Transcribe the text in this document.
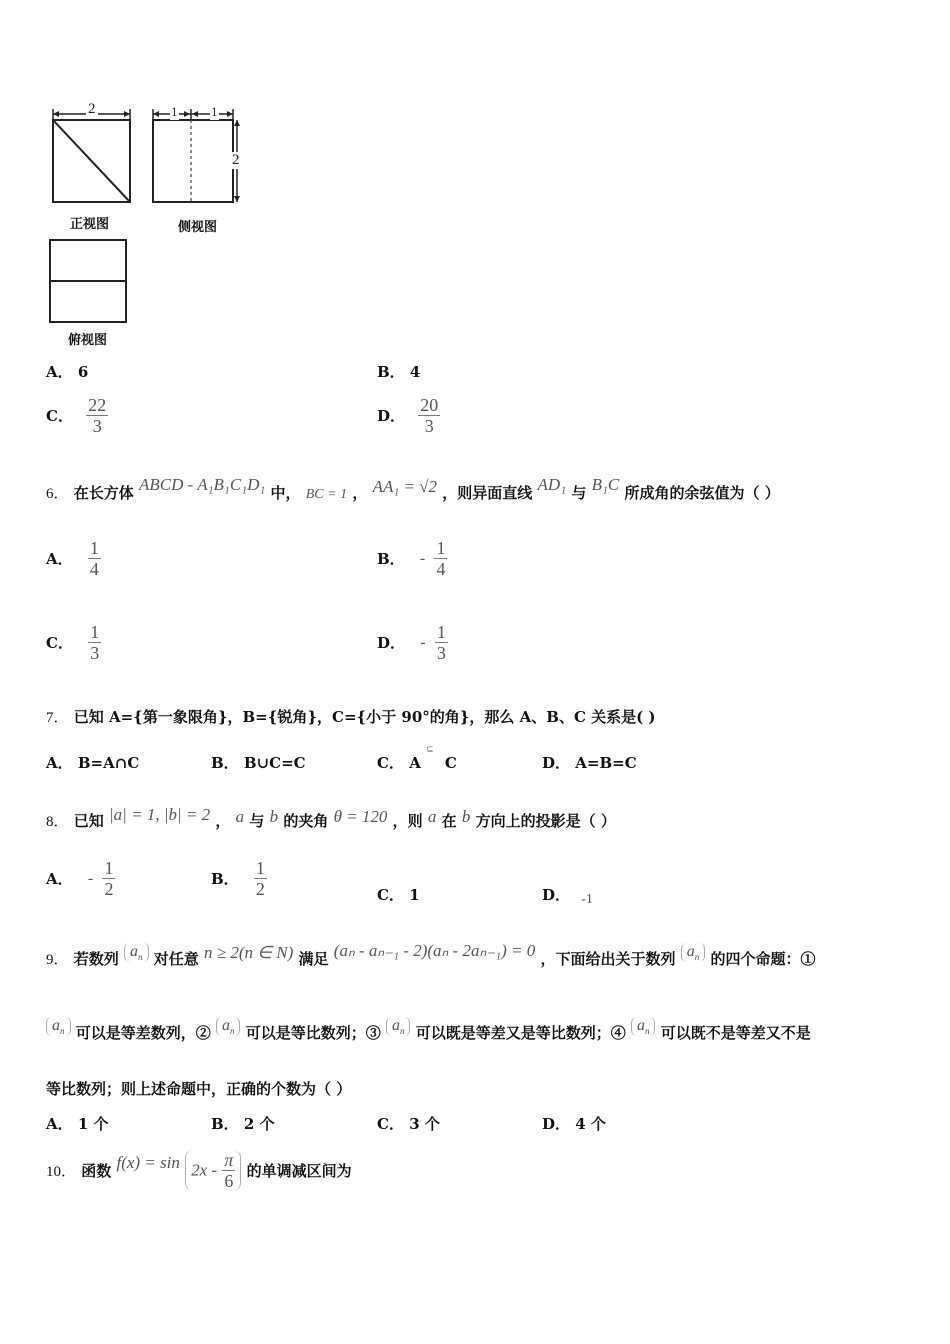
2	1	1
2
正视图	侧视图
俯视图
A． 6	B． 4
C． $\frac{22}{3}$	D． $\frac{20}{3}$
6． 在长方体 ABCD - A₁B₁C₁D₁ 中， BC = 1 ， AA₁ = √2 ，则异面直线 AD₁ 与 B₁C 所成角的余弦值为（ ）
A． $\frac{1}{4}$	B． - $\frac{1}{4}$
C． $\frac{1}{3}$	D． - $\frac{1}{3}$
7． 已知 A={第一象限角}，B={锐角}，C={小于 90°的角}，那么 A、B、C 关系是( )
A． B=A∩C	B． B∪C=C	C． A ⊆ C	D． A=B=C
8． 已知 |a| = 1, |b| = 2 ， a 与 b 的夹角 θ = 120 ，则 a 在 b 方向上的投影是（ ）
A． - $\frac{1}{2}$	B． $\frac{1}{2}$	C． 1	D． -1
9． 若数列 $a_n$ 对任意 n ≥ 2(n ∈ N) 满足 (aₙ - aₙ₋₁ - 2)(aₙ - 2aₙ₋₁) = 0 ，下面给出关于数列 $a_n$ 的四个命题：①
$a_n$ 可以是等差数列，② $a_n$ 可以是等比数列；③ $a_n$ 可以既是等差又是等比数列；④ $a_n$ 可以既不是等差又不是
等比数列；则上述命题中，正确的个数为（ ）
A． 1 个	B． 2 个	C． 3 个	D． 4 个
10． 函数 $f(x) = \sin 2x - \frac{\pi}{6}$ 的单调减区间为
